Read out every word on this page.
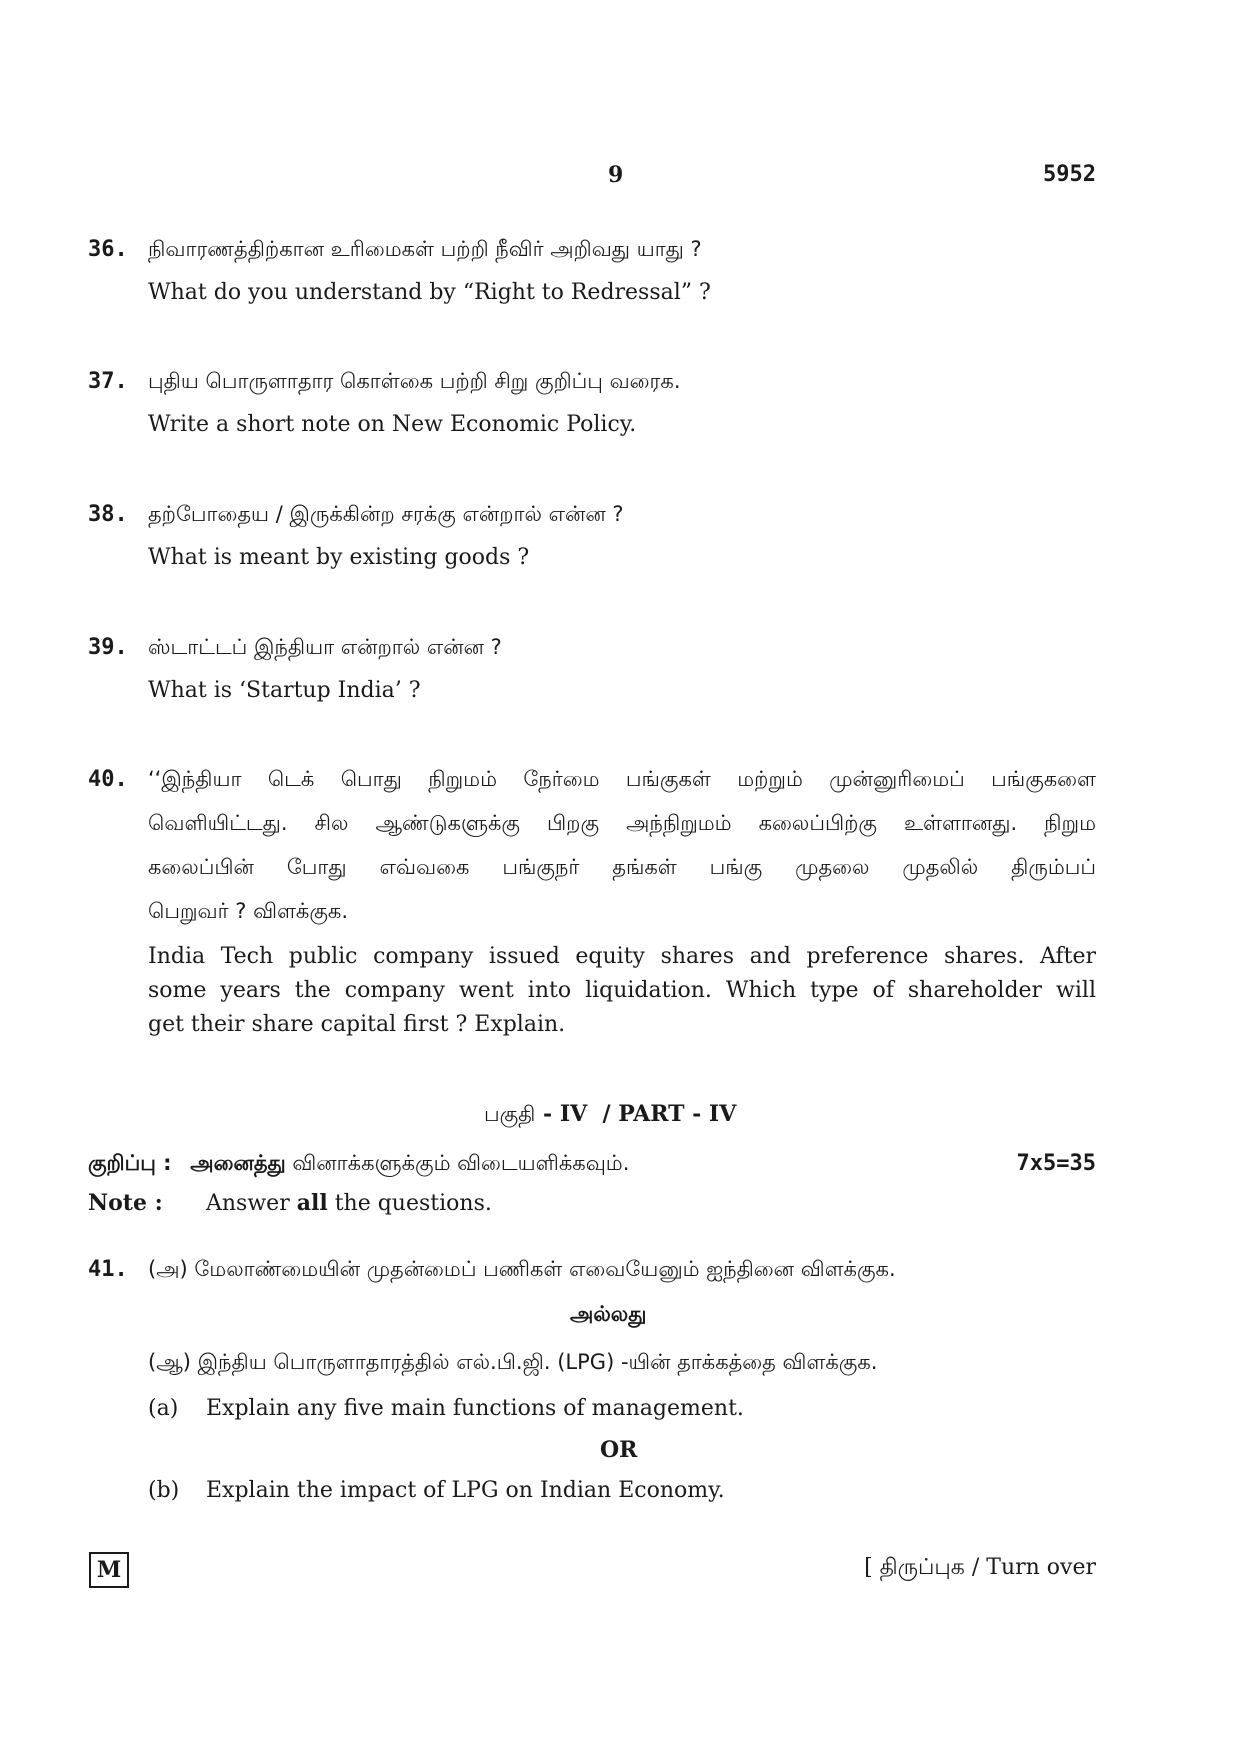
9	5952
36. நிவாரணத்திற்கான உரிமைகள் பற்றி நீவிர் அறிவது யாது ?
What do you understand by “Right to Redressal” ?
37. புதிய பொருளாதார கொள்கை பற்றி சிறு குறிப்பு வரைக.
Write a short note on New Economic Policy.
38. தற்போதைய / இருக்கின்ற சரக்கு என்றால் என்ன ?
What is meant by existing goods ?
39. ஸ்டாட்டப் இந்தியா என்றால் என்ன ?
What is ‘Startup India’ ?
40. ‘‘இந்தியா டெக் பொது நிறுமம் நேர்மை பங்குகள் மற்றும் முன்னுரிமைப் பங்குகளை
வெளியிட்டது. சில ஆண்டுகளுக்கு பிறகு அந்நிறுமம் கலைப்பிற்கு உள்ளானது. நிறும
கலைப்பின் போது எவ்வகை பங்குநர் தங்கள் பங்கு முதலை முதலில் திரும்பப்
பெறுவர் ? விளக்குக.
India Tech public company issued equity shares and preference shares. After
some years the company went into liquidation. Which type of shareholder will
get their share capital first ? Explain.
பகுதி - IV  / PART - IV
குறிப்பு : அனைத்து வினாக்களுக்கும் விடையளிக்கவும்.	7x5=35
Note : Answer all the questions.
41. (அ) மேலாண்மையின் முதன்மைப் பணிகள் எவையேனும் ஐந்தினை விளக்குக.
அல்லது
(ஆ) இந்திய பொருளாதாரத்தில் எல்.பி.ஜி. (LPG) -யின் தாக்கத்தை விளக்குக.
(a) Explain any five main functions of management.
OR
(b) Explain the impact of LPG on Indian Economy.
M	[ திருப்புக / Turn over
